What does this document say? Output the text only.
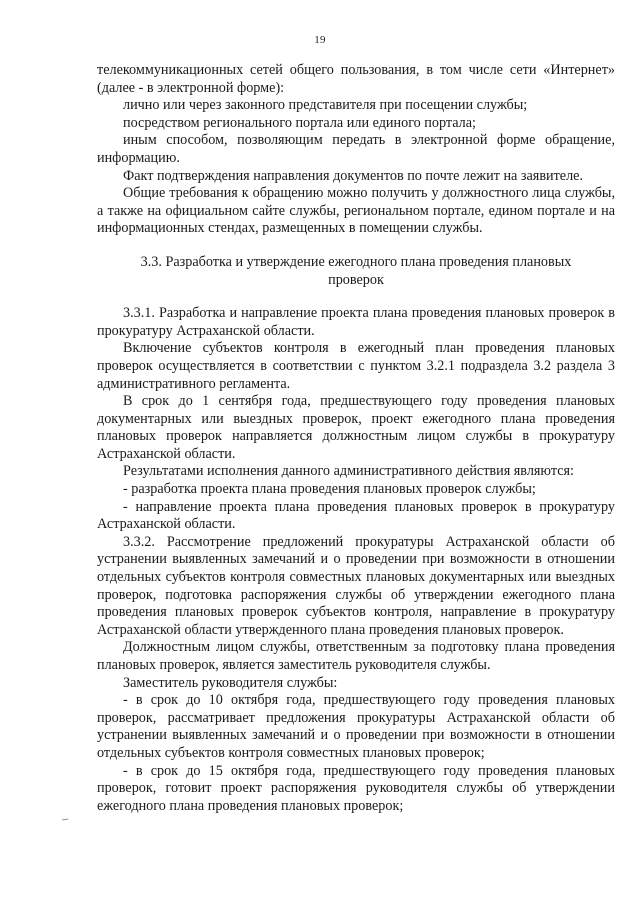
19

телекоммуникационных сетей общего пользования, в том числе сети «Интернет» (далее - в электронной форме):

лично или через законного представителя при посещении службы;

посредством регионального портала или единого портала;

иным способом, позволяющим передать в электронной форме обращение, информацию.

Факт подтверждения направления документов по почте лежит на заявителе.

Общие требования к обращению можно получить у должностного лица службы, а также на официальном сайте службы, региональном портале, едином портале и на информационных стендах, размещенных в помещении службы.

3.3. Разработка и утверждение ежегодного плана проведения плановых проверок

3.3.1. Разработка и направление проекта плана проведения плановых проверок в прокуратуру Астраханской области.

Включение субъектов контроля в ежегодный план проведения плановых проверок осуществляется в соответствии с пунктом 3.2.1 подраздела 3.2 раздела 3 административного регламента.

В срок до 1 сентября года, предшествующего году проведения плановых документарных или выездных проверок, проект ежегодного плана проведения плановых проверок направляется должностным лицом службы в прокуратуру Астраханской области.

Результатами исполнения данного административного действия являются:

- разработка проекта плана проведения плановых проверок службы;

- направление проекта плана проведения плановых проверок в прокуратуру Астраханской области.

3.3.2. Рассмотрение предложений прокуратуры Астраханской области об устранении выявленных замечаний и о проведении при возможности в отношении отдельных субъектов контроля совместных плановых документарных или выездных проверок, подготовка распоряжения службы об утверждении ежегодного плана проведения плановых проверок субъектов контроля, направление в прокуратуру Астраханской области утвержденного плана проведения плановых проверок.

Должностным лицом службы, ответственным за подготовку плана проведения плановых проверок, является заместитель руководителя службы.

Заместитель руководителя службы:

- в срок до 10 октября года, предшествующего году проведения плановых проверок, рассматривает предложения прокуратуры Астраханской области об устранении выявленных замечаний и о проведении при возможности в отношении отдельных субъектов контроля совместных плановых проверок;

- в срок до 15 октября года, предшествующего году проведения плановых проверок, готовит проект распоряжения руководителя службы об утверждении ежегодного плана проведения плановых проверок;
